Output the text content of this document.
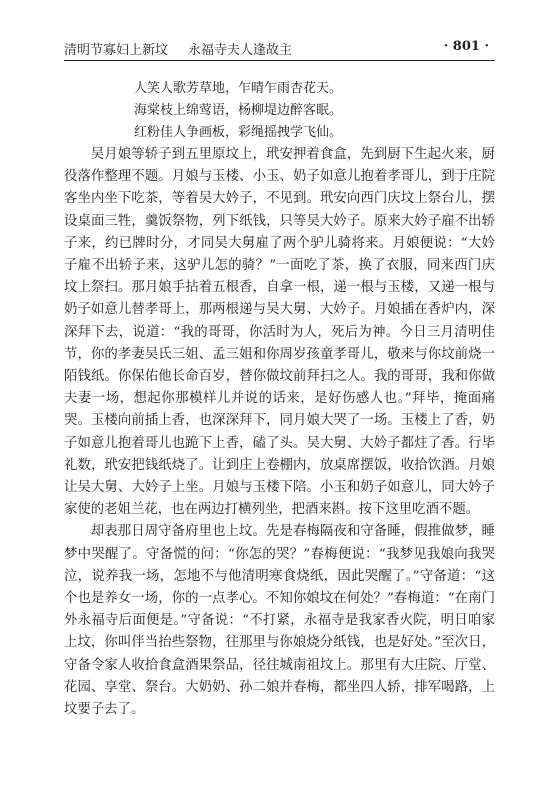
清明节寡妇上新坟 永福寺夫人逢故主	· 801 ·
人笑人歌芳草地，乍晴乍雨杏花天。
海棠枝上绵莺语，杨柳堤边醉客眠。
红粉佳人争画板，彩绳摇拽学飞仙。

吴月娘等轿子到五里原坟上，玳安押着食盒，先到厨下生起火来，厨役落作整理不题。月娘与玉楼、小玉、奶子如意儿抱着孝哥儿，到于庄院客坐内坐下吃茶，等着吴大妗子，不见到。玳安向西门庆坟上祭台儿，摆设桌面三牲，羹饭祭物，列下纸钱，只等吴大妗子。原来大妗子雇不出轿子来，约已牌时分，才同吴大舅雇了两个驴儿骑将来。月娘便说：“大妗子雇不出轿子来，这驴儿怎的骑？”一面吃了茶，换了衣服，同来西门庆坟上祭扫。那月娘手拈着五根香，自拿一根，递一根与玉楼，又递一根与奶子如意儿替孝哥上，那两根递与吴大舅、大妗子。月娘插在香炉内，深深拜下去，说道：“我的哥哥，你活时为人，死后为神。今日三月清明佳节，你的孝妻吴氏三姐、孟三姐和你周岁孩童孝哥儿，敬来与你坟前烧一陌钱纸。你保佑他长命百岁，替你做坟前拜扫之人。我的哥哥，我和你做夫妻一场，想起你那模样儿并说的话来，是好伤感人也。”拜毕，掩面痛哭。玉楼向前插上香，也深深拜下，同月娘大哭了一场。玉楼上了香，奶子如意儿抱着哥儿也跪下上香，磕了头。吴大舅、大妗子都炷了香。行毕礼数，玳安把钱纸烧了。让到庄上卷棚内，放桌席摆饭，收拾饮酒。月娘让吴大舅、大妗子上坐。月娘与玉楼下陪。小玉和奶子如意儿，同大妗子家使的老姐兰花，也在两边打横列坐，把酒来斟。按下这里吃酒不题。

却表那日周守备府里也上坟。先是春梅隔夜和守备睡，假推做梦，睡梦中哭醒了。守备慌的问：“你怎的哭？”春梅便说：“我梦见我娘向我哭泣，说养我一场，怎地不与他清明寒食烧纸，因此哭醒了。”守备道：“这个也是养女一场，你的一点孝心。不知你娘坟在何处？”春梅道：“在南门外永福寺后面便是。”守备说：“不打紧，永福寺是我家香火院，明日咱家上坟，你叫伴当抬些祭物，往那里与你娘烧分纸钱，也是好处。”至次日，守备令家人收拾食盒酒果祭品，径往城南祖坟上。那里有大庄院、厅堂、花园、享堂、祭台。大奶奶、孙二娘并春梅，都坐四人轿，排军喝路，上坟要子去了。
